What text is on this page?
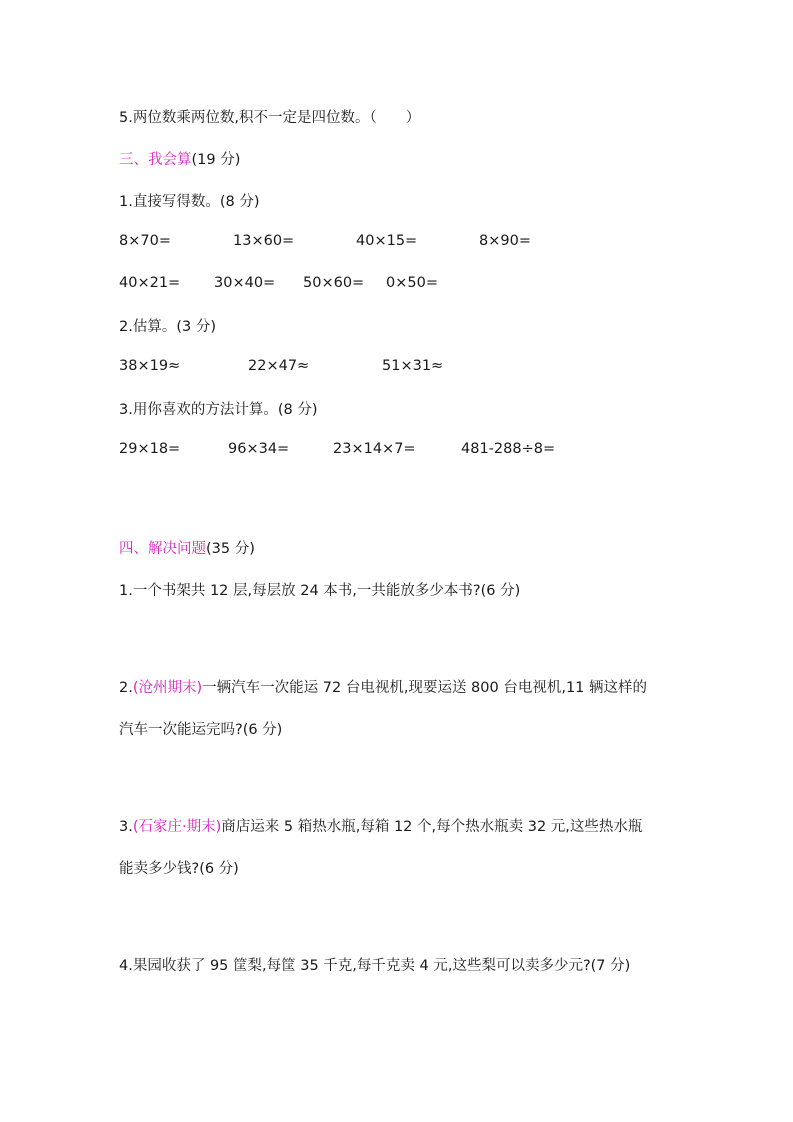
5.两位数乘两位数,积不一定是四位数。（　　）
三、我会算(19 分)
1.直接写得数。(8 分)
8×70=	13×60=	40×15=	8×90=
40×21= 30×40= 50×60= 0×50=
2.估算。(3 分)
38×19≈	22×47≈	51×31≈
3.用你喜欢的方法计算。(8 分)
29×18=	96×34=	23×14×7=	481-288÷8=
四、解决问题(35 分)
1.一个书架共 12 层,每层放 24 本书,一共能放多少本书?(6 分)
2.(沧州期末)一辆汽车一次能运 72 台电视机,现要运送 800 台电视机,11 辆这样的
汽车一次能运完吗?(6 分)
3.(石家庄·期末)商店运来 5 箱热水瓶,每箱 12 个,每个热水瓶卖 32 元,这些热水瓶
能卖多少钱?(6 分)
4.果园收获了 95 筐梨,每筐 35 千克,每千克卖 4 元,这些梨可以卖多少元?(7 分)
